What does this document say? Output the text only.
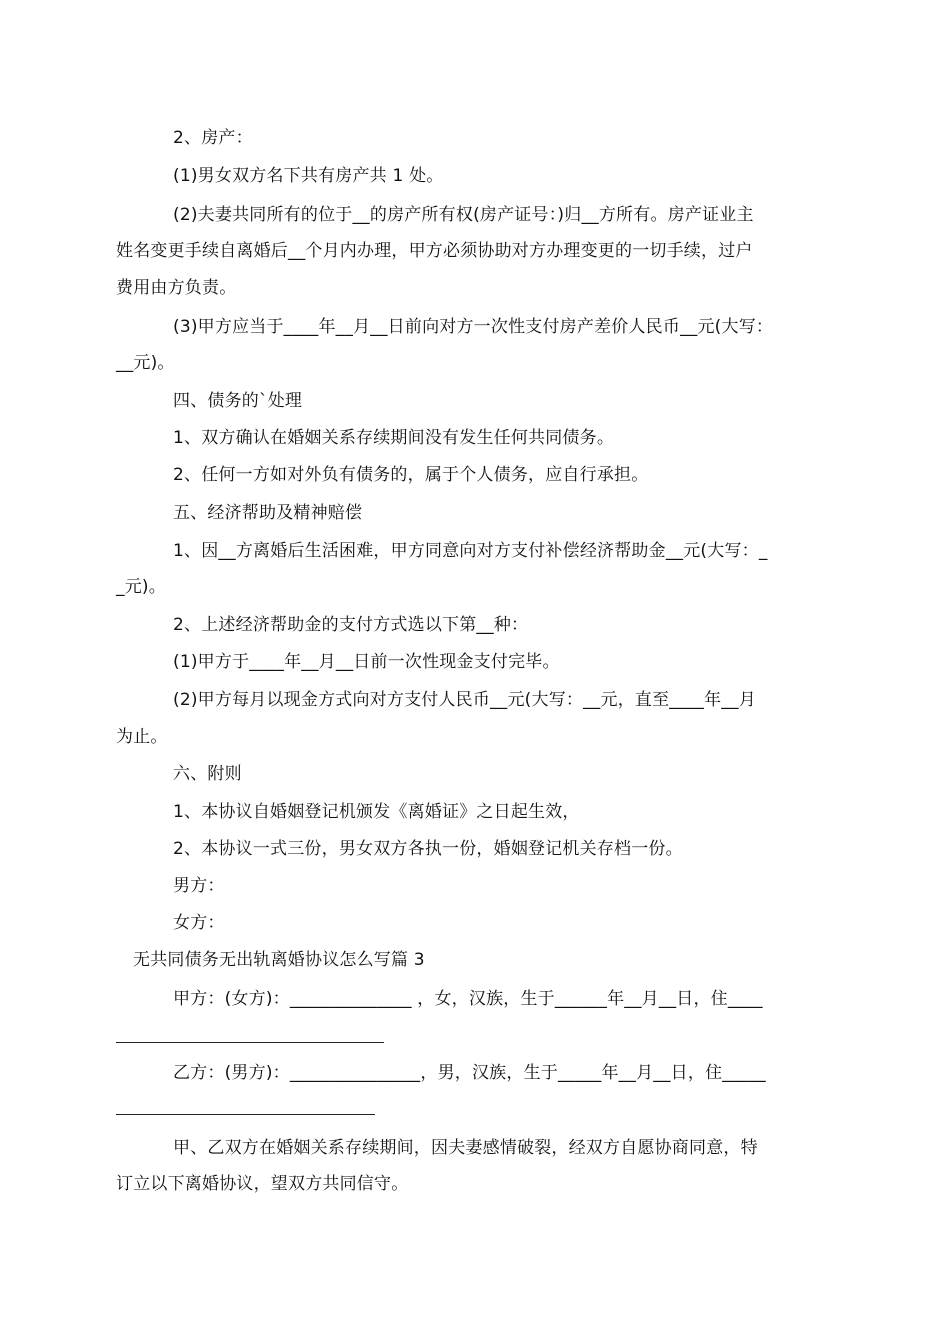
2、房产：
(1)男女双方名下共有房产共 1 处。
(2)夫妻共同所有的位于__的房产所有权(房产证号：)归__方所有。房产证业主
姓名变更手续自离婚后__个月内办理，甲方必须协助对方办理变更的一切手续，过户
费用由方负责。
(3)甲方应当于____年__月__日前向对方一次性支付房产差价人民币__元(大写：
__元)。
四、债务的`处理
1、双方确认在婚姻关系存续期间没有发生任何共同债务。
2、任何一方如对外负有债务的，属于个人债务，应自行承担。
五、经济帮助及精神赔偿
1、因__方离婚后生活困难，甲方同意向对方支付补偿经济帮助金__元(大写：_
_元)。
2、上述经济帮助金的支付方式选以下第__种：
(1)甲方于____年__月__日前一次性现金支付完毕。
(2)甲方每月以现金方式向对方支付人民币__元(大写：__元，直至____年__月
为止。
六、附则
1、本协议自婚姻登记机颁发《离婚证》之日起生效，
2、本协议一式三份，男女双方各执一份，婚姻登记机关存档一份。
男方：
女方：
无共同债务无出轨离婚协议怎么写篇 3
甲方：(女方)：______________ ，女，汉族，生于______年__月__日，住____
乙方：(男方)：_______________，男，汉族，生于_____年__月__日，住_____
甲、乙双方在婚姻关系存续期间，因夫妻感情破裂，经双方自愿协商同意，特
订立以下离婚协议，望双方共同信守。
